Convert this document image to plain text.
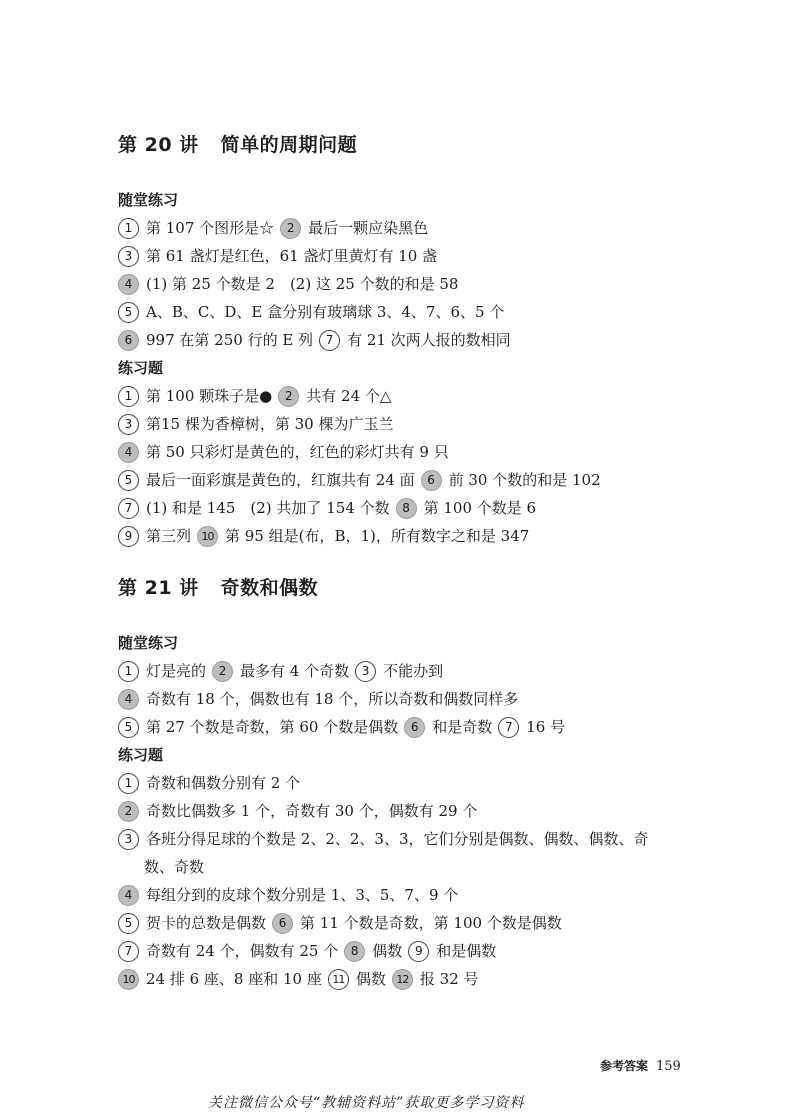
第 20 讲 简单的周期问题
随堂练习
1 第 107 个图形是☆ 2 最后一颗应染黑色
3 第 61 盏灯是红色，61 盏灯里黄灯有 10 盏
4 (1) 第 25 个数是 2　(2) 这 25 个数的和是 58
5 A、B、C、D、E 盒分别有玻璃球 3、4、7、6、5 个
6 997 在第 250 行的 E 列 7 有 21 次两人报的数相同
练习题
1 第 100 颗珠子是● 2 共有 24 个△
3 第15 棵为香樟树，第 30 棵为广玉兰
4 第 50 只彩灯是黄色的，红色的彩灯共有 9 只
5 最后一面彩旗是黄色的，红旗共有 24 面 6 前 30 个数的和是 102
7 (1) 和是 145　(2) 共加了 154 个数 8 第 100 个数是 6
9 第三列 10 第 95 组是(布，B，1)，所有数字之和是 347
第 21 讲 奇数和偶数
随堂练习
1 灯是亮的 2 最多有 4 个奇数 3 不能办到
4 奇数有 18 个，偶数也有 18 个，所以奇数和偶数同样多
5 第 27 个数是奇数，第 60 个数是偶数 6 和是奇数 7 16 号
练习题
1 奇数和偶数分别有 2 个
2 奇数比偶数多 1 个，奇数有 30 个，偶数有 29 个
3 各班分得足球的个数是 2、2、2、3、3，它们分别是偶数、偶数、偶数、奇
数、奇数
4 每组分到的皮球个数分别是 1、3、5、7、9 个
5 贺卡的总数是偶数 6 第 11 个数是奇数，第 100 个数是偶数
7 奇数有 24 个，偶数有 25 个 8 偶数 9 和是偶数
10 24 排 6 座、8 座和 10 座 11 偶数 12 报 32 号
参考答案 159
关注微信公众号“教辅资料站”获取更多学习资料
